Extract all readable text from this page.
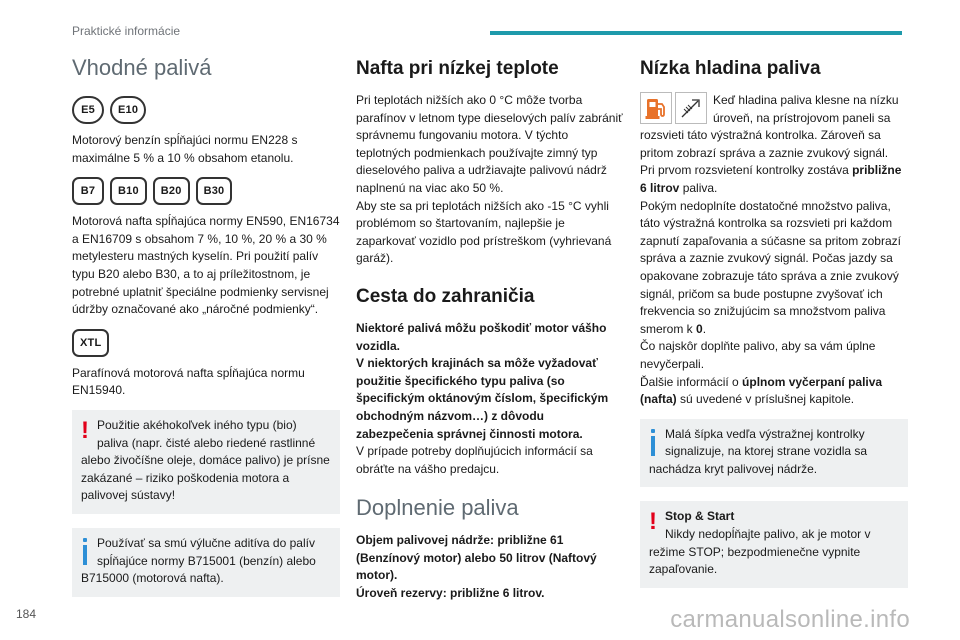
Praktické informácie
Vhodné palivá
E5	E10

Motorový benzín spĺňajúci normu EN228 s maximálne 5 % a 10 % obsahom etanolu.

B7	B10	B20	B30

Motorová nafta spĺňajúca normy EN590, EN16734 a EN16709 s obsahom 7 %, 10 %, 20 % a 30 % metylesteru mastných kyselín. Pri použití palív typu B20 alebo B30, a to aj príležitostnom, je potrebné uplatniť špeciálne podmienky servisnej údržby označované ako „náročné podmienky“.

XTL

Parafínová motorová nafta spĺňajúca normu EN15940.

! Použitie akéhokoľvek iného typu (bio) paliva (napr. čisté alebo riedené rastlinné alebo živočíšne oleje, domáce palivo) je prísne zakázané – riziko poškodenia motora a palivovej sústavy!
Používať sa smú výlučne aditíva do palív spĺňajúce normy B715001 (benzín) alebo B715000 (motorová nafta).
Nafta pri nízkej teplote

Pri teplotách nižších ako 0 °C môže tvorba parafínov v letnom type dieselových palív zabrániť správnemu fungovaniu motora. V týchto teplotných podmienkach používajte zimný typ dieselového paliva a udržiavajte palivovú nádrž naplnenú na viac ako 50 %.

Aby ste sa pri teplotách nižších ako -15 °C vyhli problémom so štartovaním, najlepšie je zaparkovať vozidlo pod prístreškom (vyhrievaná garáž).

Cesta do zahraničia

Niektoré palivá môžu poškodiť motor vášho vozidla.

V niektorých krajinách sa môže vyžadovať použitie špecifického typu paliva (so špecifickým oktánovým číslom, špecifickým obchodným názvom…) z dôvodu zabezpečenia správnej činnosti motora.

V prípade potreby doplňujúcich informácií sa obráťte na vášho predajcu.

Doplnenie paliva

Objem palivovej nádrže: približne 61 (Benzínový motor) alebo 50 litrov (Naftový motor).

Úroveň rezervy: približne 6 litrov.

Nízka hladina paliva

Keď hladina paliva klesne na nízku úroveň, na prístrojovom paneli sa rozsvieti táto výstražná kontrolka. Zároveň sa pritom zobrazí správa a zaznie zvukový signál.

Pri prvom rozsvietení kontrolky zostáva približne 6 litrov paliva.

Pokým nedoplníte dostatočné množstvo paliva, táto výstražná kontrolka sa rozsvieti pri každom zapnutí zapaľovania a súčasne sa pritom zobrazí správa a zaznie zvukový signál. Počas jazdy sa opakovane zobrazuje táto správa a znie zvukový signál, pričom sa bude postupne zvyšovať ich frekvencia so znižujúcim sa množstvom paliva smerom k 0.

Čo najskôr doplňte palivo, aby sa vám úplne nevyčerpali.

Ďalšie informácií o úplnom vyčerpaní paliva (nafta) sú uvedené v príslušnej kapitole.

Malá šípka vedľa výstražnej kontrolky signalizuje, na ktorej strane vozidla sa nachádza kryt palivovej nádrže.
! Stop & Start
Nikdy nedopĺňajte palivo, ak je motor v režime STOP; bezpodmienečne vypnite zapaľovanie.
184	carmanualsonline.info
